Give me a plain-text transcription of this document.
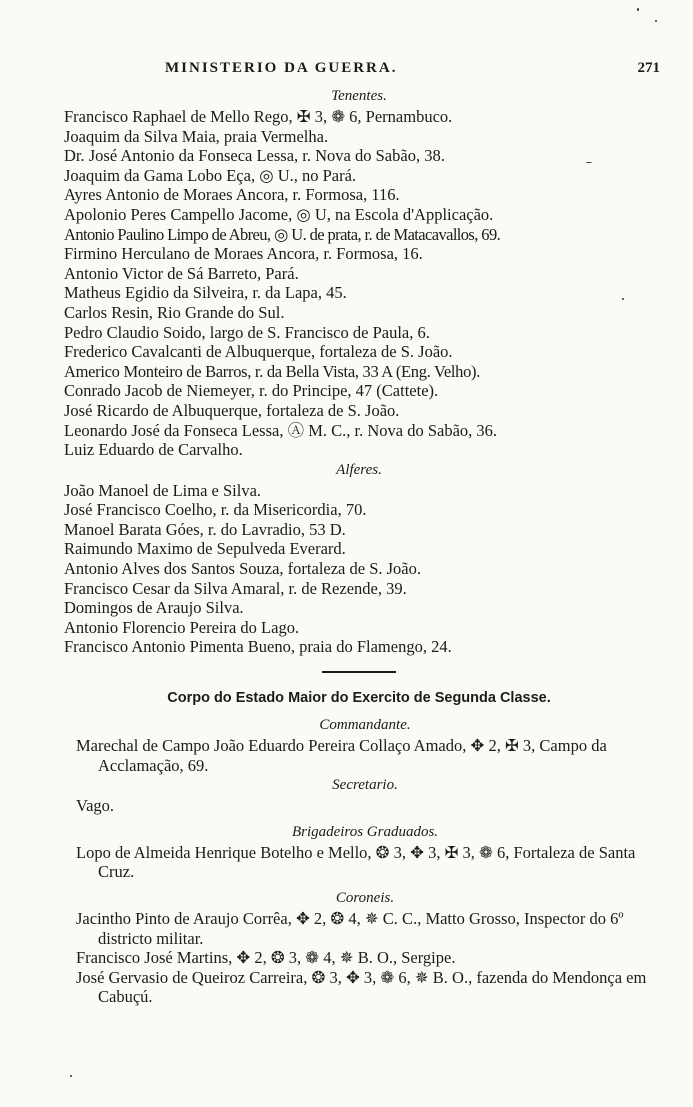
MINISTERIO DA GUERRA.	271

Tenentes.

Francisco Raphael de Mello Rego, ✠ 3, ❁ 6, Pernambuco.

Joaquim da Silva Maia, praia Vermelha.

Dr. José Antonio da Fonseca Lessa, r. Nova do Sabão, 38.

Joaquim da Gama Lobo Eça, ◎ U., no Pará.

Ayres Antonio de Moraes Ancora, r. Formosa, 116.

Apolonio Peres Campello Jacome, ◎ U, na Escola d'Applicação.

Antonio Paulino Limpo de Abreu, ◎ U. de prata, r. de Matacavallos, 69.

Firmino Herculano de Moraes Ancora, r. Formosa, 16.

Antonio Victor de Sá Barreto, Pará.

Matheus Egidio da Silveira, r. da Lapa, 45.

Carlos Resin, Rio Grande do Sul.

Pedro Claudio Soido, largo de S. Francisco de Paula, 6.

Frederico Cavalcanti de Albuquerque, fortaleza de S. João.

Americo Monteiro de Barros, r. da Bella Vista, 33 A (Eng. Velho).

Conrado Jacob de Niemeyer, r. do Principe, 47 (Cattete).

José Ricardo de Albuquerque, fortaleza de S. João.

Leonardo José da Fonseca Lessa, Ⓐ M. C., r. Nova do Sabão, 36.

Luiz Eduardo de Carvalho.

Alferes.

João Manoel de Lima e Silva.

José Francisco Coelho, r. da Misericordia, 70.

Manoel Barata Góes, r. do Lavradio, 53 D.

Raimundo Maximo de Sepulveda Everard.

Antonio Alves dos Santos Souza, fortaleza de S. João.

Francisco Cesar da Silva Amaral, r. de Rezende, 39.

Domingos de Araujo Silva.

Antonio Florencio Pereira do Lago.

Francisco Antonio Pimenta Bueno, praia do Flamengo, 24.

Corpo do Estado Maior do Exercito de Segunda Classe.

Commandante.

Marechal de Campo João Eduardo Pereira Collaço Amado, ✥ 2, ✠ 3, Campo da Acclamação, 69.

Secretario.

Vago.

Brigadeiros Graduados.

Lopo de Almeida Henrique Botelho e Mello, ❂ 3, ✥ 3, ✠ 3, ❁ 6, Fortaleza de Santa Cruz.

Coroneis.

Jacintho Pinto de Araujo Corrêa, ✥ 2, ❂ 4, ✵ C. C., Matto Grosso, Inspector do 6º districto militar.

Francisco José Martins, ✥ 2, ❂ 3, ❁ 4, ✵ B. O., Sergipe.

José Gervasio de Queiroz Carreira, ❂ 3, ✥ 3, ❁ 6, ✵ B. O., fazenda do Mendonça em Cabuçú.
